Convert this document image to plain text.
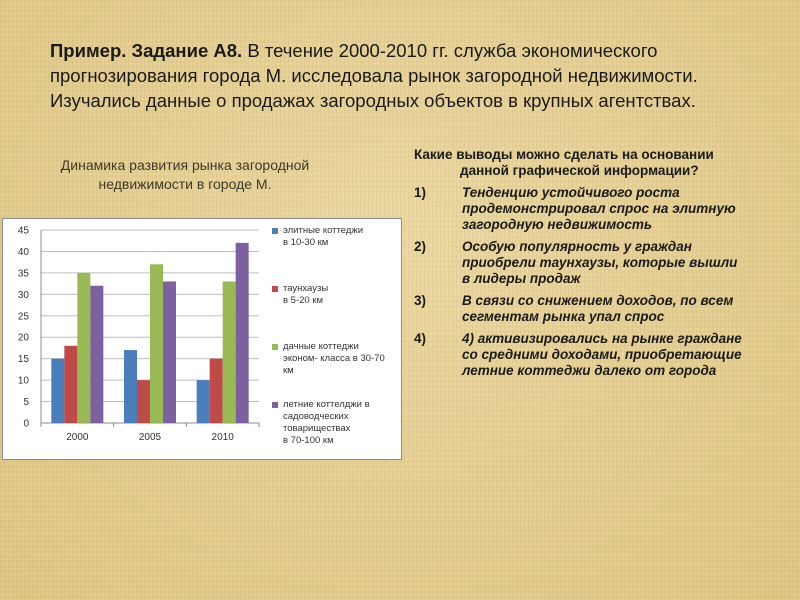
Пример. Задание А8. В течение 2000-2010 гг. служба экономического прогнозирования города М. исследовала рынок загородной недвижимости. Изучались данные о продажах загородных объектов в крупных агентствах.
Динамика развития рынка загородной недвижимости в городе М.
0
5
10
15
20
25
30
35
40
45
2000	2005	2010
элитные коттеджи
в 10-30 км
таунхаузы
в 5-20 км
дачные коттеджи
эконом- класса в 30-70
км
летние коттелджи в
садоводческих
товариществах
в 70-100 км

Какие выводы можно сделать на основании данной графической информации?

1)	Тенденцию устойчивого роста продемонстрировал спрос на элитную загородную недвижимость

2)	Особую популярность у граждан приобрели таунхаузы, которые вышли в лидеры продаж

3)	В связи со снижением доходов, по всем сегментам рынка упал спрос

4)	4) активизировались на рынке граждане со средними доходами, приобретающие летние коттеджи далеко от города
